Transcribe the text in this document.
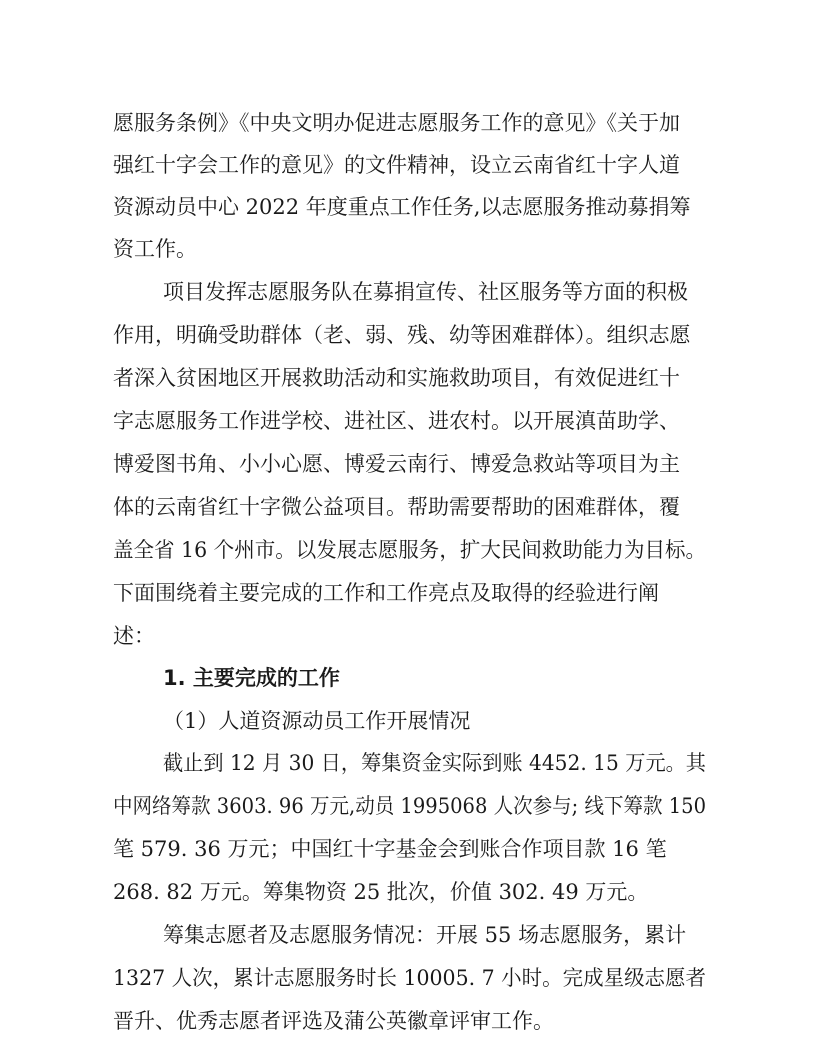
愿服务条例》《中央文明办促进志愿服务工作的意见》《关于加
强红十字会工作的意见》的文件精神，设立云南省红十字人道
资源动员中心 2022 年度重点工作任务,以志愿服务推动募捐筹
资工作。
项目发挥志愿服务队在募捐宣传、社区服务等方面的积极
作用，明确受助群体（老、弱、残、幼等困难群体）。组织志愿
者深入贫困地区开展救助活动和实施救助项目，有效促进红十
字志愿服务工作进学校、进社区、进农村。以开展滇苗助学、
博爱图书角、小小心愿、博爱云南行、博爱急救站等项目为主
体的云南省红十字微公益项目。帮助需要帮助的困难群体，覆
盖全省 16 个州市。以发展志愿服务，扩大民间救助能力为目标。
下面围绕着主要完成的工作和工作亮点及取得的经验进行阐
述：
1. 主要完成的工作
（1）人道资源动员工作开展情况
截止到 12 月 30 日，筹集资金实际到账 4452. 15 万元。其
中网络筹款 3603. 96 万元,动员 1995068 人次参与; 线下筹款 150
笔 579. 36 万元；中国红十字基金会到账合作项目款 16 笔
268. 82 万元。筹集物资 25 批次，价值 302. 49 万元。
筹集志愿者及志愿服务情况：开展 55 场志愿服务，累计
1327 人次，累计志愿服务时长 10005. 7 小时。完成星级志愿者
晋升、优秀志愿者评选及蒲公英徽章评审工作。
